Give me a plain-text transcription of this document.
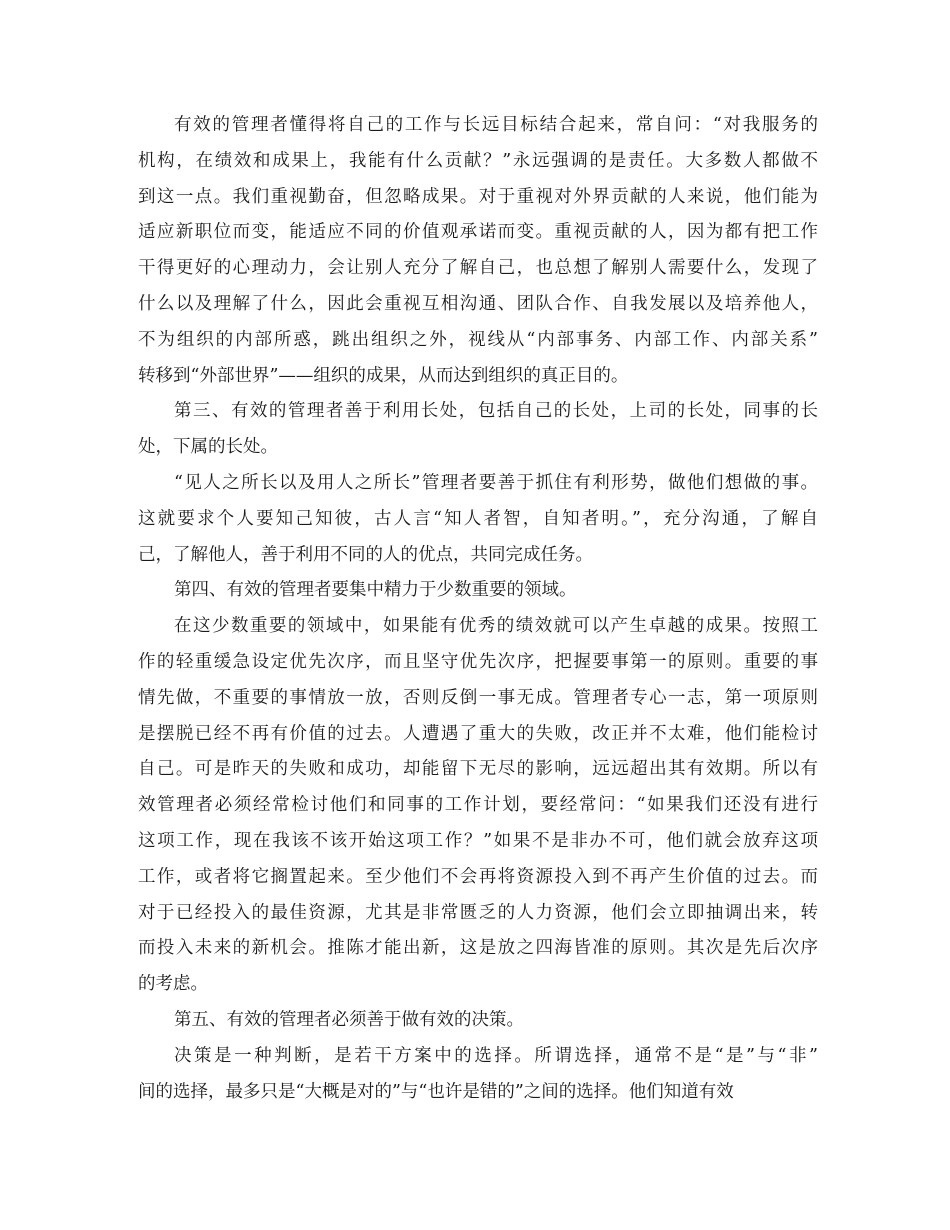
有效的管理者懂得将自己的工作与长远目标结合起来，常自问：“对我服务的
机构，在绩效和成果上，我能有什么贡献？”永远强调的是责任。大多数人都做不
到这一点。我们重视勤奋，但忽略成果。对于重视对外界贡献的人来说，他们能为
适应新职位而变，能适应不同的价值观承诺而变。重视贡献的人，因为都有把工作
干得更好的心理动力，会让别人充分了解自己，也总想了解别人需要什么，发现了
什么以及理解了什么，因此会重视互相沟通、团队合作、自我发展以及培养他人，
不为组织的内部所惑，跳出组织之外，视线从“内部事务、内部工作、内部关系”
转移到“外部世界”——组织的成果，从而达到组织的真正目的。
第三、有效的管理者善于利用长处，包括自己的长处，上司的长处，同事的长
处，下属的长处。
“见人之所长以及用人之所长”管理者要善于抓住有利形势，做他们想做的事。
这就要求个人要知己知彼，古人言“知人者智，自知者明。”，充分沟通，了解自
己，了解他人，善于利用不同的人的优点，共同完成任务。
第四、有效的管理者要集中精力于少数重要的领域。
在这少数重要的领域中，如果能有优秀的绩效就可以产生卓越的成果。按照工
作的轻重缓急设定优先次序，而且坚守优先次序，把握要事第一的原则。重要的事
情先做，不重要的事情放一放，否则反倒一事无成。管理者专心一志，第一项原则
是摆脱已经不再有价值的过去。人遭遇了重大的失败，改正并不太难，他们能检讨
自己。可是昨天的失败和成功，却能留下无尽的影响，远远超出其有效期。所以有
效管理者必须经常检讨他们和同事的工作计划，要经常问：“如果我们还没有进行
这项工作，现在我该不该开始这项工作？”如果不是非办不可，他们就会放弃这项
工作，或者将它搁置起来。至少他们不会再将资源投入到不再产生价值的过去。而
对于已经投入的最佳资源，尤其是非常匮乏的人力资源，他们会立即抽调出来，转
而投入未来的新机会。推陈才能出新，这是放之四海皆准的原则。其次是先后次序
的考虑。
第五、有效的管理者必须善于做有效的决策。
决策是一种判断，是若干方案中的选择。所谓选择，通常不是“是”与“非”
间的选择，最多只是“大概是对的”与“也许是错的”之间的选择。他们知道有效
